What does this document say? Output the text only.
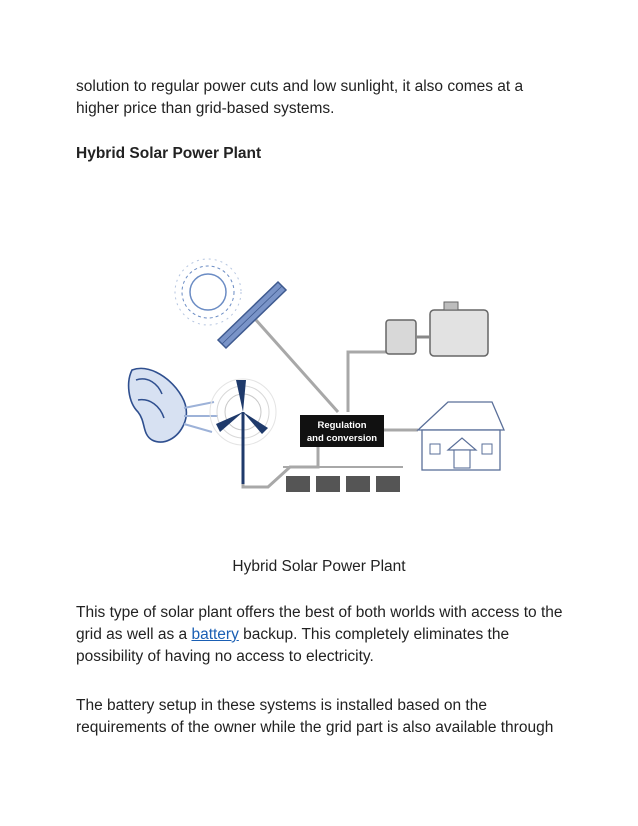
solution to regular power cuts and low sunlight, it also comes at a
higher price than grid-based systems.

Hybrid Solar Power Plant
Regulation
and conversion

Hybrid Solar Power Plant

This type of solar plant offers the best of both worlds with access to the grid as well as a battery backup. This completely eliminates the possibility of having no access to electricity.

The battery setup in these systems is installed based on the requirements of the owner while the grid part is also available through
